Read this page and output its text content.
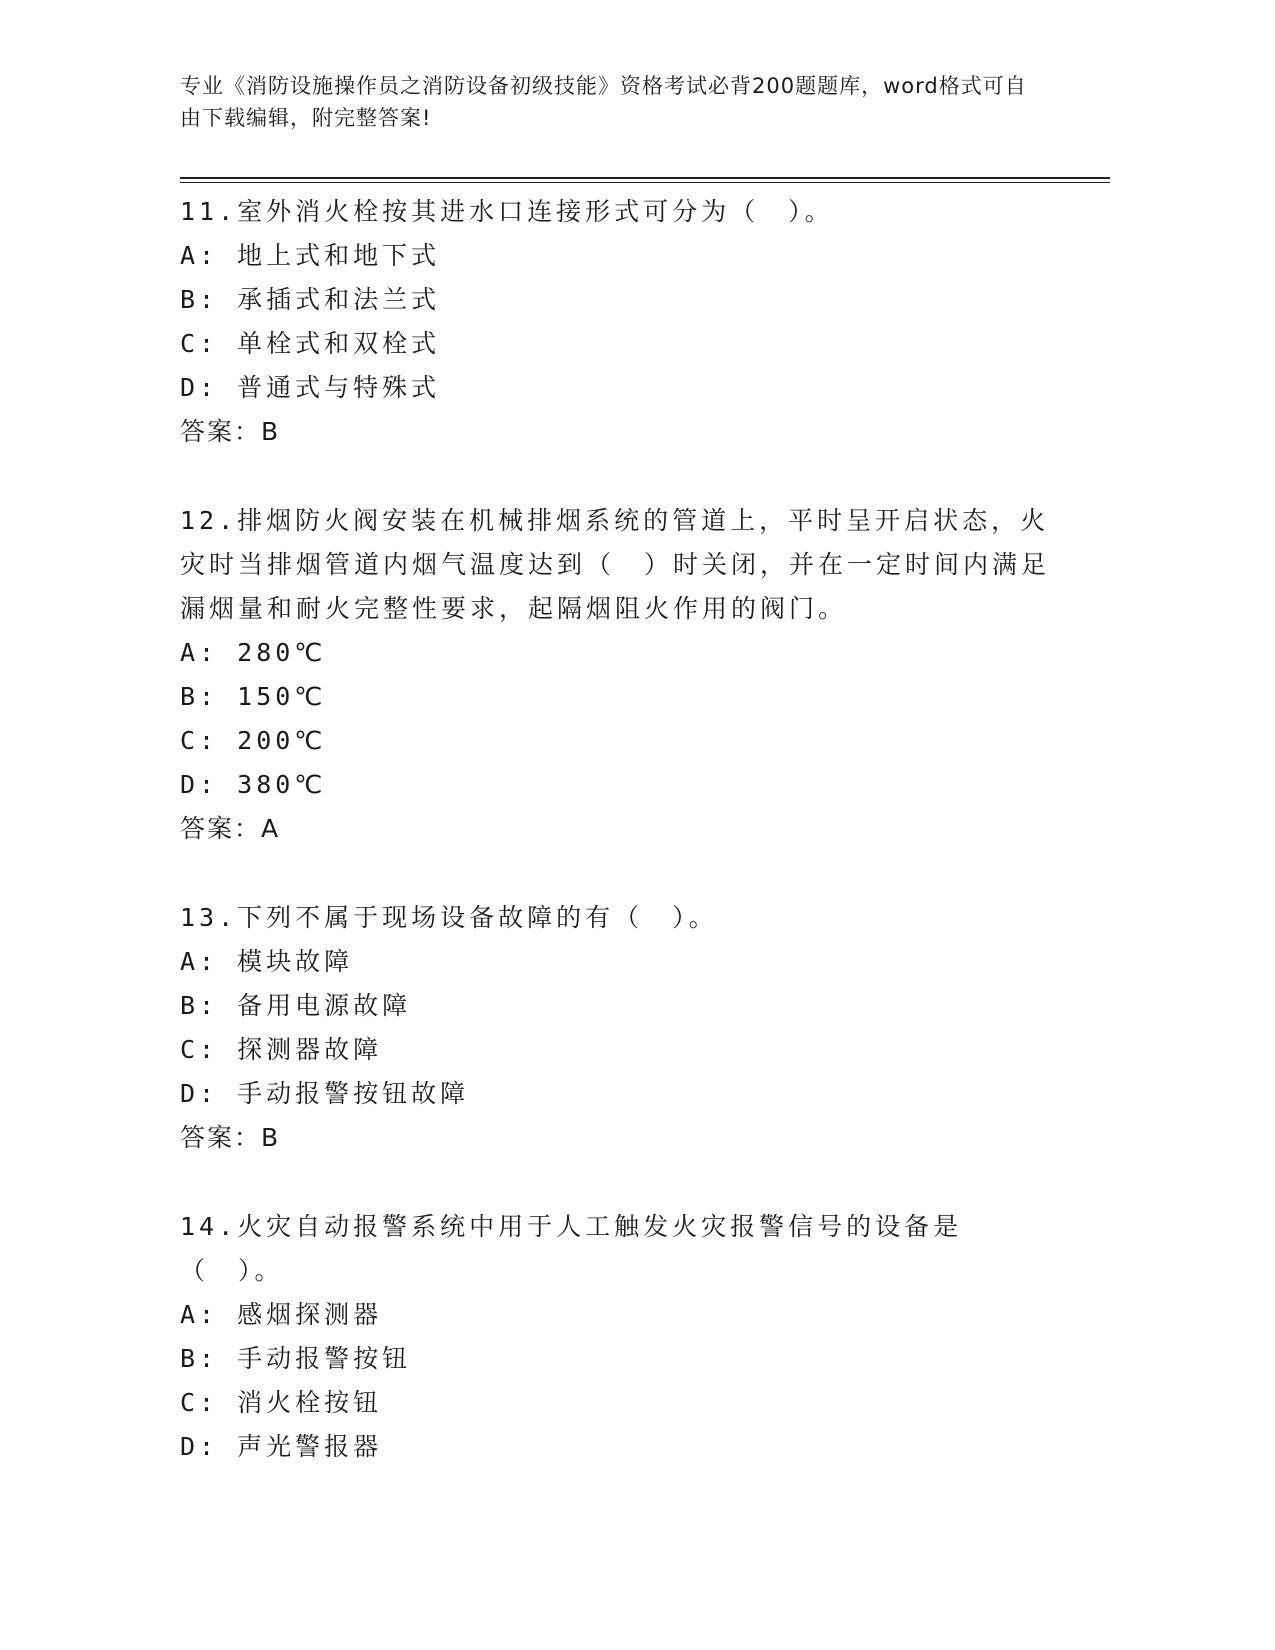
专业《消防设施操作员之消防设备初级技能》资格考试必背200题题库，word格式可自由下载编辑，附完整答案!

11.室外消火栓按其进水口连接形式可分为（　）。

A: 地上式和地下式

B: 承插式和法兰式

C: 单栓式和双栓式

D: 普通式与特殊式

答案：B

12.排烟防火阀安装在机械排烟系统的管道上，平时呈开启状态，火灾时当排烟管道内烟气温度达到（　）时关闭，并在一定时间内满足漏烟量和耐火完整性要求，起隔烟阻火作用的阀门。

A: 280℃

B: 150℃

C: 200℃

D: 380℃

答案：A

13.下列不属于现场设备故障的有（　）。

A: 模块故障

B: 备用电源故障

C: 探测器故障

D: 手动报警按钮故障

答案：B

14.火灾自动报警系统中用于人工触发火灾报警信号的设备是（　）。

A: 感烟探测器

B: 手动报警按钮

C: 消火栓按钮

D: 声光警报器
